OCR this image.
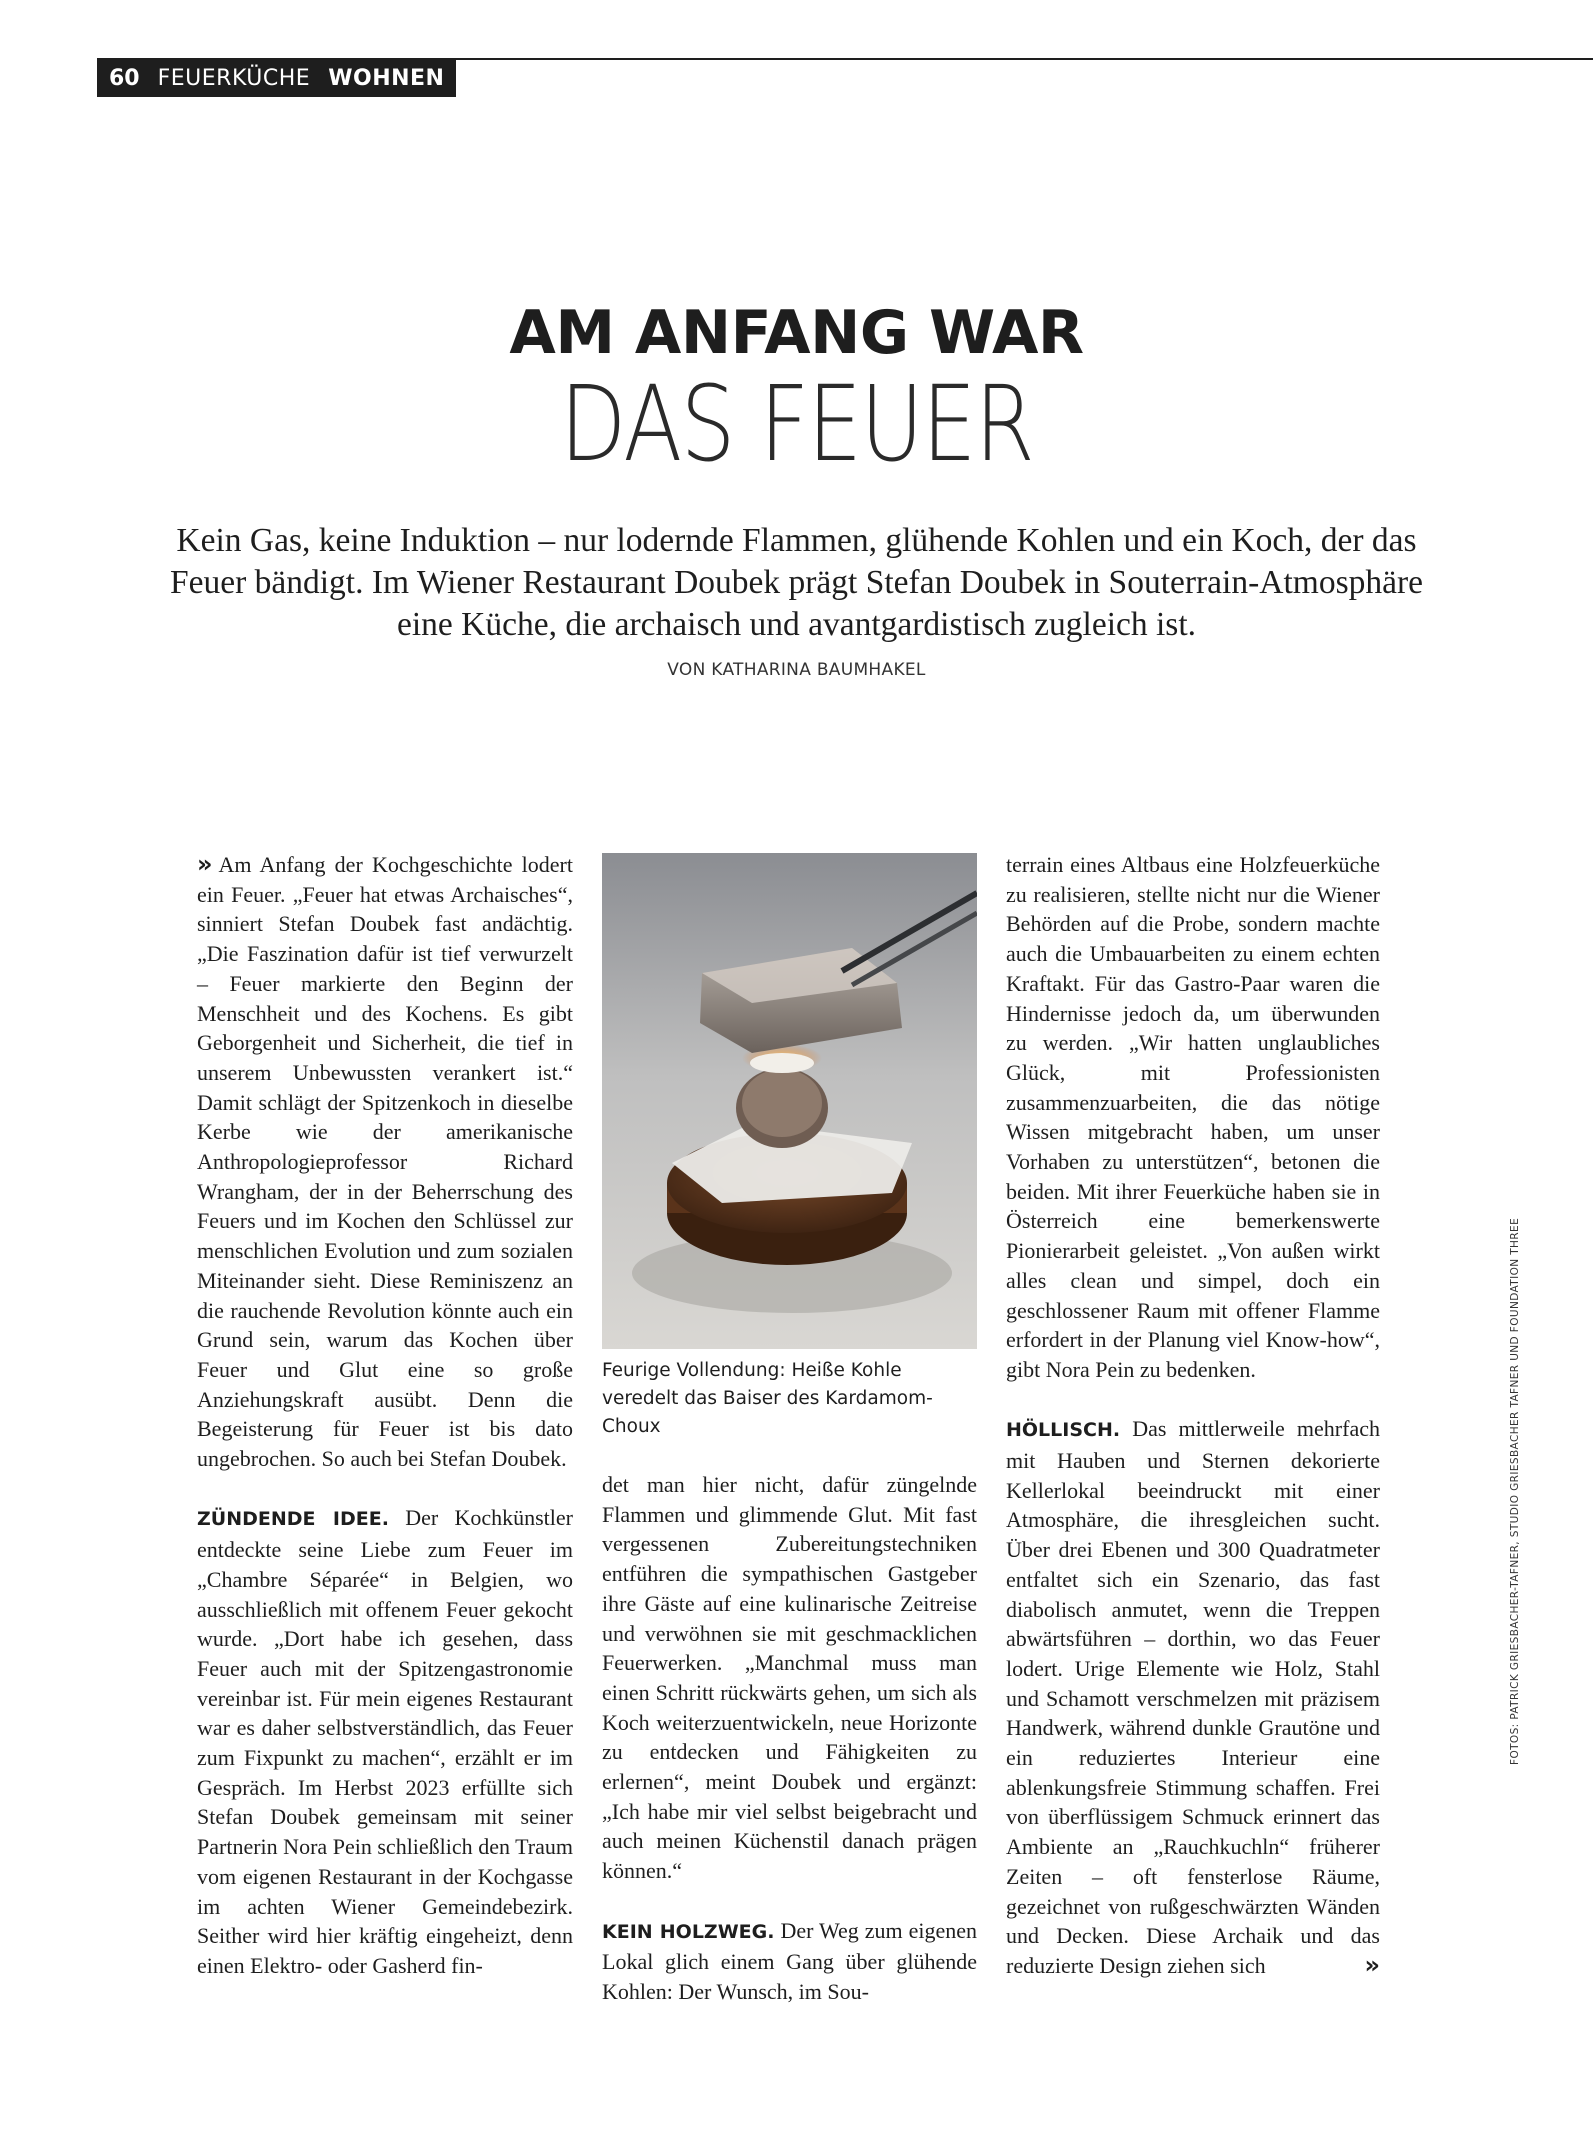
60 FEUERKÜCHE WOHNEN
AM ANFANG WAR
DAS FEUER
Kein Gas, keine Induktion – nur lodernde Flammen, glühende Kohlen und ein Koch, der das Feuer bändigt. Im Wiener Restaurant Doubek prägt Stefan Doubek in Souterrain-Atmosphäre eine Küche, die archaisch und avantgardistisch zugleich ist.
VON KATHARINA BAUMHAKEL

» Am Anfang der Kochgeschichte lodert ein Feuer. „Feuer hat etwas Archaisches“, sinniert Stefan Doubek fast andächtig. „Die Faszination dafür ist tief verwurzelt – Feuer markierte den Beginn der Menschheit und des Kochens. Es gibt Geborgenheit und Sicherheit, die tief in unserem Unbewussten verankert ist.“ Damit schlägt der Spitzenkoch in dieselbe Kerbe wie der amerikanische Anthropologieprofessor Richard Wrangham, der in der Beherrschung des Feuers und im Kochen den Schlüssel zur menschlichen Evolution und zum sozialen Miteinander sieht. Diese Reminiszenz an die rauchende Revolution könnte auch ein Grund sein, warum das Kochen über Feuer und Glut eine so große Anziehungskraft ausübt. Denn die Begeisterung für Feuer ist bis dato ungebrochen. So auch bei Stefan Doubek.

ZÜNDENDE IDEE. Der Kochkünstler entdeckte seine Liebe zum Feuer im „Chambre Séparée“ in Belgien, wo ausschließlich mit offenem Feuer gekocht wurde. „Dort habe ich gesehen, dass Feuer auch mit der Spitzengastronomie vereinbar ist. Für mein eigenes Restaurant war es daher selbstverständlich, das Feuer zum Fixpunkt zu machen“, erzählt er im Gespräch. Im Herbst 2023 erfüllte sich Stefan Doubek gemeinsam mit seiner Partnerin Nora Pein schließlich den Traum vom eigenen Restaurant in der Kochgasse im achten Wiener Gemeindebezirk. Seither wird hier kräftig eingeheizt, denn einen Elektro- oder Gasherd fin-

Feurige Vollendung: Heiße Kohle veredelt das Baiser des Kardamom-Choux

det man hier nicht, dafür züngelnde Flammen und glimmende Glut. Mit fast vergessenen Zubereitungstechniken entführen die sympathischen Gastgeber ihre Gäste auf eine kulinarische Zeitreise und verwöhnen sie mit geschmacklichen Feuerwerken. „Manchmal muss man einen Schritt rückwärts gehen, um sich als Koch weiterzuentwickeln, neue Horizonte zu entdecken und Fähigkeiten zu erlernen“, meint Doubek und ergänzt: „Ich habe mir viel selbst beigebracht und auch meinen Küchenstil danach prägen können.“

KEIN HOLZWEG. Der Weg zum eigenen Lokal glich einem Gang über glühende Kohlen: Der Wunsch, im Sou-

terrain eines Altbaus eine Holzfeuerküche zu realisieren, stellte nicht nur die Wiener Behörden auf die Probe, sondern machte auch die Umbauarbeiten zu einem echten Kraftakt. Für das Gastro-Paar waren die Hindernisse jedoch da, um überwunden zu werden. „Wir hatten unglaubliches Glück, mit Professionisten zusammenzuarbeiten, die das nötige Wissen mitgebracht haben, um unser Vorhaben zu unterstützen“, betonen die beiden. Mit ihrer Feuerküche haben sie in Österreich eine bemerkenswerte Pionierarbeit geleistet. „Von außen wirkt alles clean und simpel, doch ein geschlossener Raum mit offener Flamme erfordert in der Planung viel Know-how“, gibt Nora Pein zu bedenken.

HÖLLISCH. Das mittlerweile mehrfach mit Hauben und Sternen dekorierte Kellerlokal beeindruckt mit einer Atmosphäre, die ihresgleichen sucht. Über drei Ebenen und 300 Quadratmeter entfaltet sich ein Szenario, das fast diabolisch anmutet, wenn die Treppen abwärtsführen – dorthin, wo das Feuer lodert. Urige Elemente wie Holz, Stahl und Schamott verschmelzen mit präzisem Handwerk, während dunkle Grautöne und ein reduziertes Interieur eine ablenkungsfreie Stimmung schaffen. Frei von überflüssigem Schmuck erinnert das Ambiente an „Rauchkuchln“ früherer Zeiten – oft fensterlose Räume, gezeichnet von rußgeschwärzten Wänden und Decken. Diese Archaik und das reduzierte Design ziehen sich	»

FOTOS: PATRICK GRIESBACHER-TAFNER, STUDIO GRIESBACHER TAFNER UND FOUNDATION THREE
